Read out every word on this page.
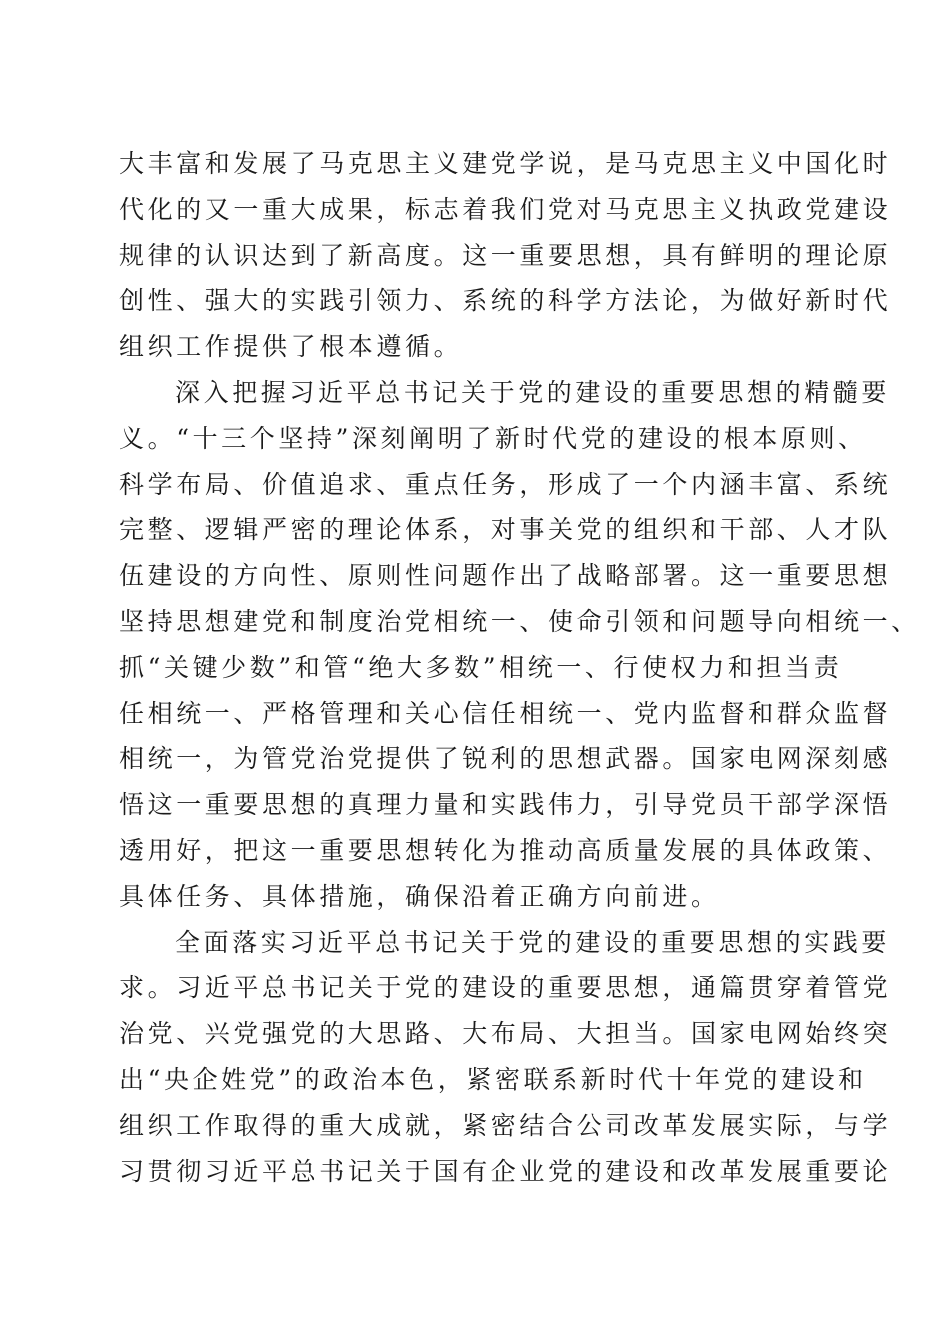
大丰富和发展了马克思主义建党学说，是马克思主义中国化时
代化的又一重大成果，标志着我们党对马克思主义执政党建设
规律的认识达到了新高度。这一重要思想，具有鲜明的理论原
创性、强大的实践引领力、系统的科学方法论，为做好新时代
组织工作提供了根本遵循。
深入把握习近平总书记关于党的建设的重要思想的精髓要
义。“十三个坚持”深刻阐明了新时代党的建设的根本原则、
科学布局、价值追求、重点任务，形成了一个内涵丰富、系统
完整、逻辑严密的理论体系，对事关党的组织和干部、人才队
伍建设的方向性、原则性问题作出了战略部署。这一重要思想
坚持思想建党和制度治党相统一、使命引领和问题导向相统一、
抓“关键少数”和管“绝大多数”相统一、行使权力和担当责
任相统一、严格管理和关心信任相统一、党内监督和群众监督
相统一，为管党治党提供了锐利的思想武器。国家电网深刻感
悟这一重要思想的真理力量和实践伟力，引导党员干部学深悟
透用好，把这一重要思想转化为推动高质量发展的具体政策、
具体任务、具体措施，确保沿着正确方向前进。
全面落实习近平总书记关于党的建设的重要思想的实践要
求。习近平总书记关于党的建设的重要思想，通篇贯穿着管党
治党、兴党强党的大思路、大布局、大担当。国家电网始终突
出“央企姓党”的政治本色，紧密联系新时代十年党的建设和
组织工作取得的重大成就，紧密结合公司改革发展实际，与学
习贯彻习近平总书记关于国有企业党的建设和改革发展重要论
